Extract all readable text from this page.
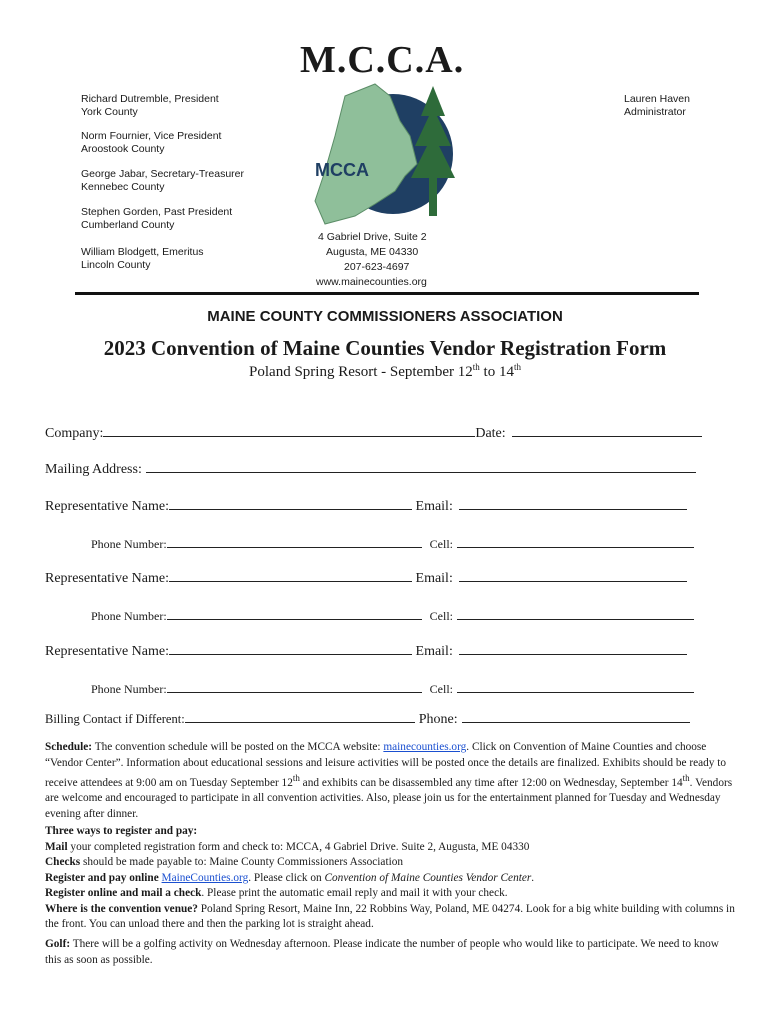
M.C.C.A.
MCCA
Richard Dutremble, President
York County
Norm Fournier, Vice President
Aroostook County
George Jabar, Secretary-Treasurer
Kennebec County
Stephen Gorden, Past President
Cumberland County
William Blodgett, Emeritus
Lincoln County
Lauren Haven
Administrator
4 Gabriel Drive, Suite 2
Augusta, ME 04330
207-623-4697
www.mainecounties.org
MAINE COUNTY COMMISSIONERS ASSOCIATION
2023 Convention of Maine Counties Vendor Registration Form
Poland Spring Resort - September 12th to 14th
Company:	Date:
Mailing Address:
Representative Name:	Email:
Phone Number:	Cell:
Representative Name:	Email:
Phone Number:	Cell:
Representative Name:	Email:
Phone Number:	Cell:
Billing Contact if Different:	Phone:
Schedule: The convention schedule will be posted on the MCCA website: mainecounties.org. Click on Convention of Maine Counties and choose “Vendor Center”. Information about educational sessions and leisure activities will be posted once the details are finalized. Exhibits should be ready to receive attendees at 9:00 am on Tuesday September 12th and exhibits can be disassembled any time after 12:00 on Wednesday, September 14th. Vendors are welcome and encouraged to participate in all convention activities. Also, please join us for the entertainment planned for Tuesday and Wednesday evening after dinner.
Three ways to register and pay:
Mail your completed registration form and check to: MCCA, 4 Gabriel Drive. Suite 2, Augusta, ME 04330
Checks should be made payable to: Maine County Commissioners Association
Register and pay online MaineCounties.org. Please click on Convention of Maine Counties Vendor Center.
Register online and mail a check. Please print the automatic email reply and mail it with your check.
Where is the convention venue? Poland Spring Resort, Maine Inn, 22 Robbins Way, Poland, ME 04274. Look for a big white building with columns in the front. You can unload there and then the parking lot is straight ahead.
Golf: There will be a golfing activity on Wednesday afternoon. Please indicate the number of people who would like to participate. We need to know this as soon as possible.
